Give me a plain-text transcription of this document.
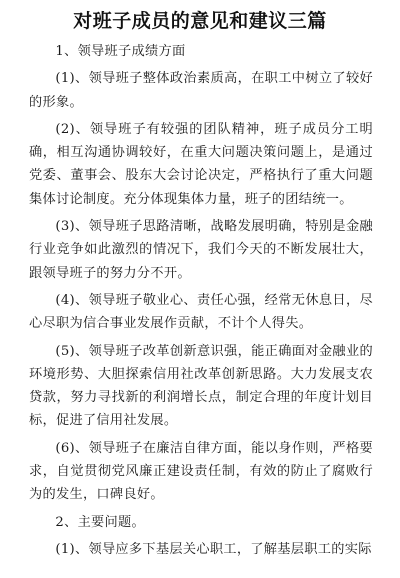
对班子成员的意见和建议三篇

1、领导班子成绩方面

(1)、领导班子整体政治素质高，在职工中树立了较好的形象。

(2)、领导班子有较强的团队精神，班子成员分工明确，相互沟通协调较好，在重大问题决策问题上，是通过党委、董事会、股东大会讨论决定，严格执行了重大问题集体讨论制度。充分体现集体力量，班子的团结统一。

(3)、领导班子思路清晰，战略发展明确，特别是金融行业竞争如此激烈的情况下，我们今天的不断发展壮大，跟领导班子的努力分不开。

(4)、领导班子敬业心、责任心强，经常无休息日，尽心尽职为信合事业发展作贡献，不计个人得失。

(5)、领导班子改革创新意识强，能正确面对金融业的环境形势、大胆探索信用社改革创新思路。大力发展支农贷款，努力寻找新的利润增长点，制定合理的年度计划目标，促进了信用社发展。

(6)、领导班子在廉洁自律方面，能以身作则，严格要求，自觉贯彻党风廉正建设责任制，有效的防止了腐败行为的发生，口碑良好。

2、主要问题。

(1)、领导应多下基层关心职工，了解基层职工的实际
